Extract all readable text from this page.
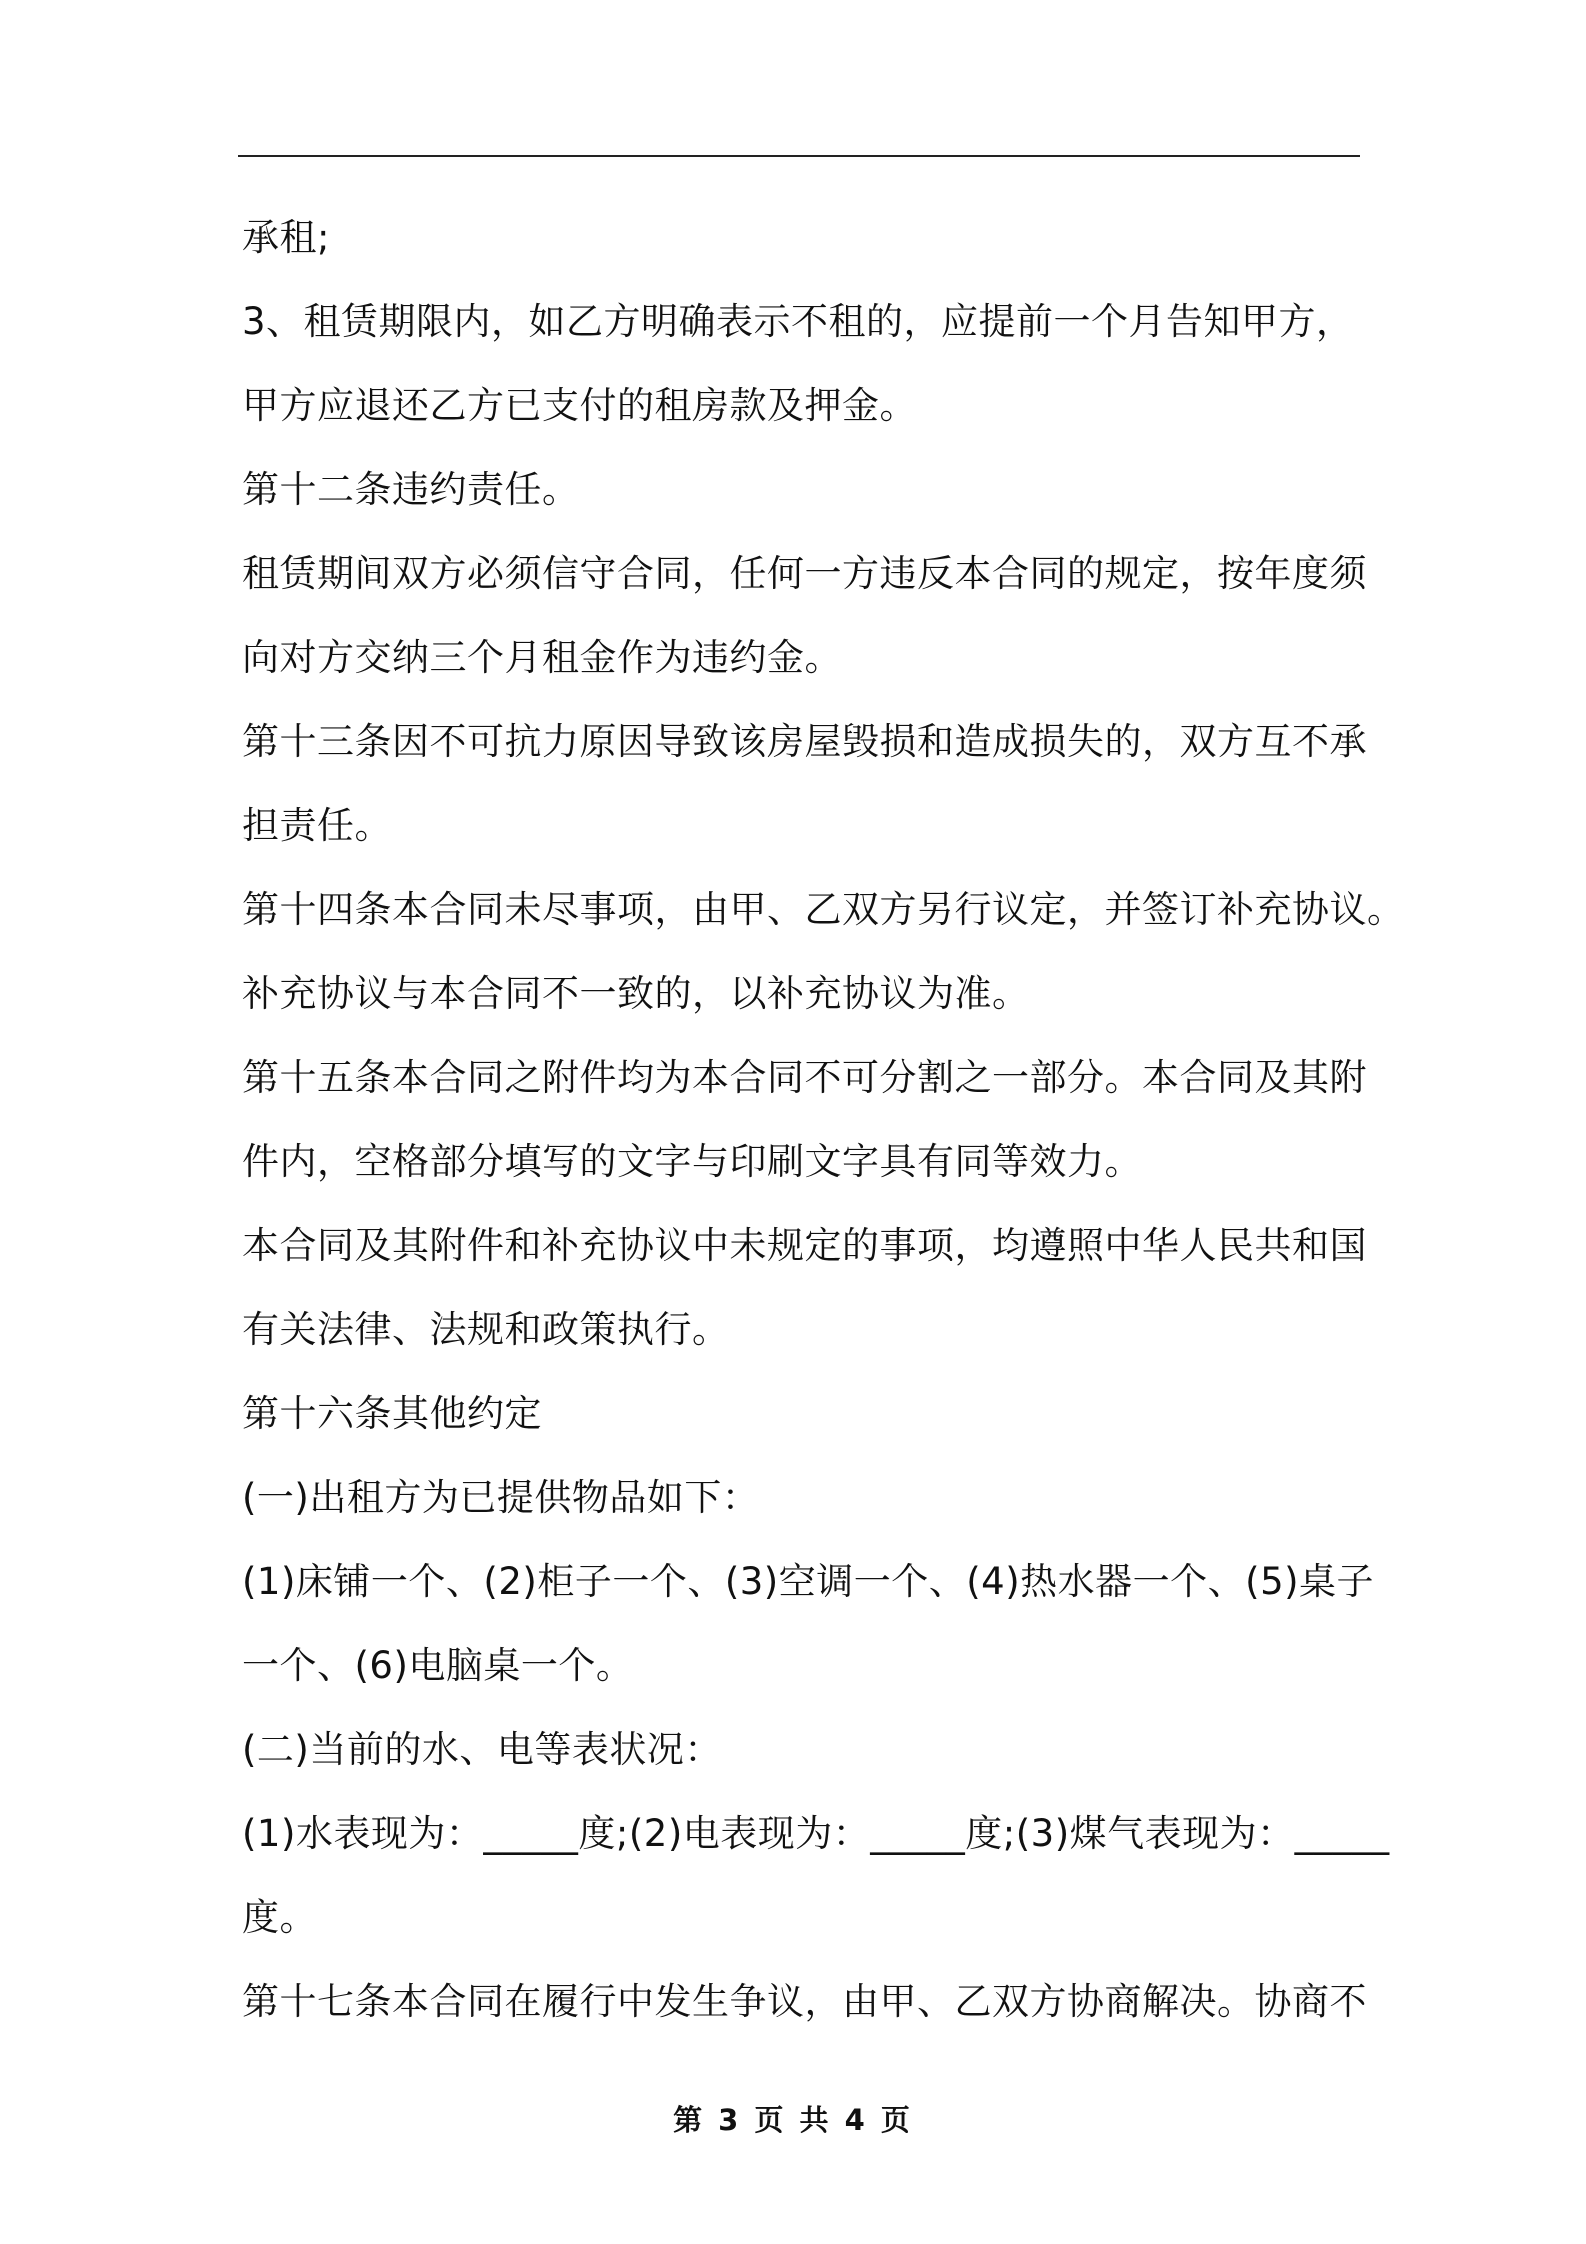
承租;
3、租赁期限内，如乙方明确表示不租的，应提前一个月告知甲方，
甲方应退还乙方已支付的租房款及押金。
第十二条违约责任。
租赁期间双方必须信守合同，任何一方违反本合同的规定，按年度须
向对方交纳三个月租金作为违约金。
第十三条因不可抗力原因导致该房屋毁损和造成损失的，双方互不承
担责任。
第十四条本合同未尽事项，由甲、乙双方另行议定，并签订补充协议。
补充协议与本合同不一致的，以补充协议为准。
第十五条本合同之附件均为本合同不可分割之一部分。本合同及其附
件内，空格部分填写的文字与印刷文字具有同等效力。
本合同及其附件和补充协议中未规定的事项，均遵照中华人民共和国
有关法律、法规和政策执行。
第十六条其他约定
(一)出租方为已提供物品如下：
(1)床铺一个、(2)柜子一个、(3)空调一个、(4)热水器一个、(5)桌子
一个、(6)电脑桌一个。
(二)当前的水、电等表状况：
(1)水表现为：_____度;(2)电表现为：_____度;(3)煤气表现为：_____
度。
第十七条本合同在履行中发生争议，由甲、乙双方协商解决。协商不
第 3 页 共 4 页
